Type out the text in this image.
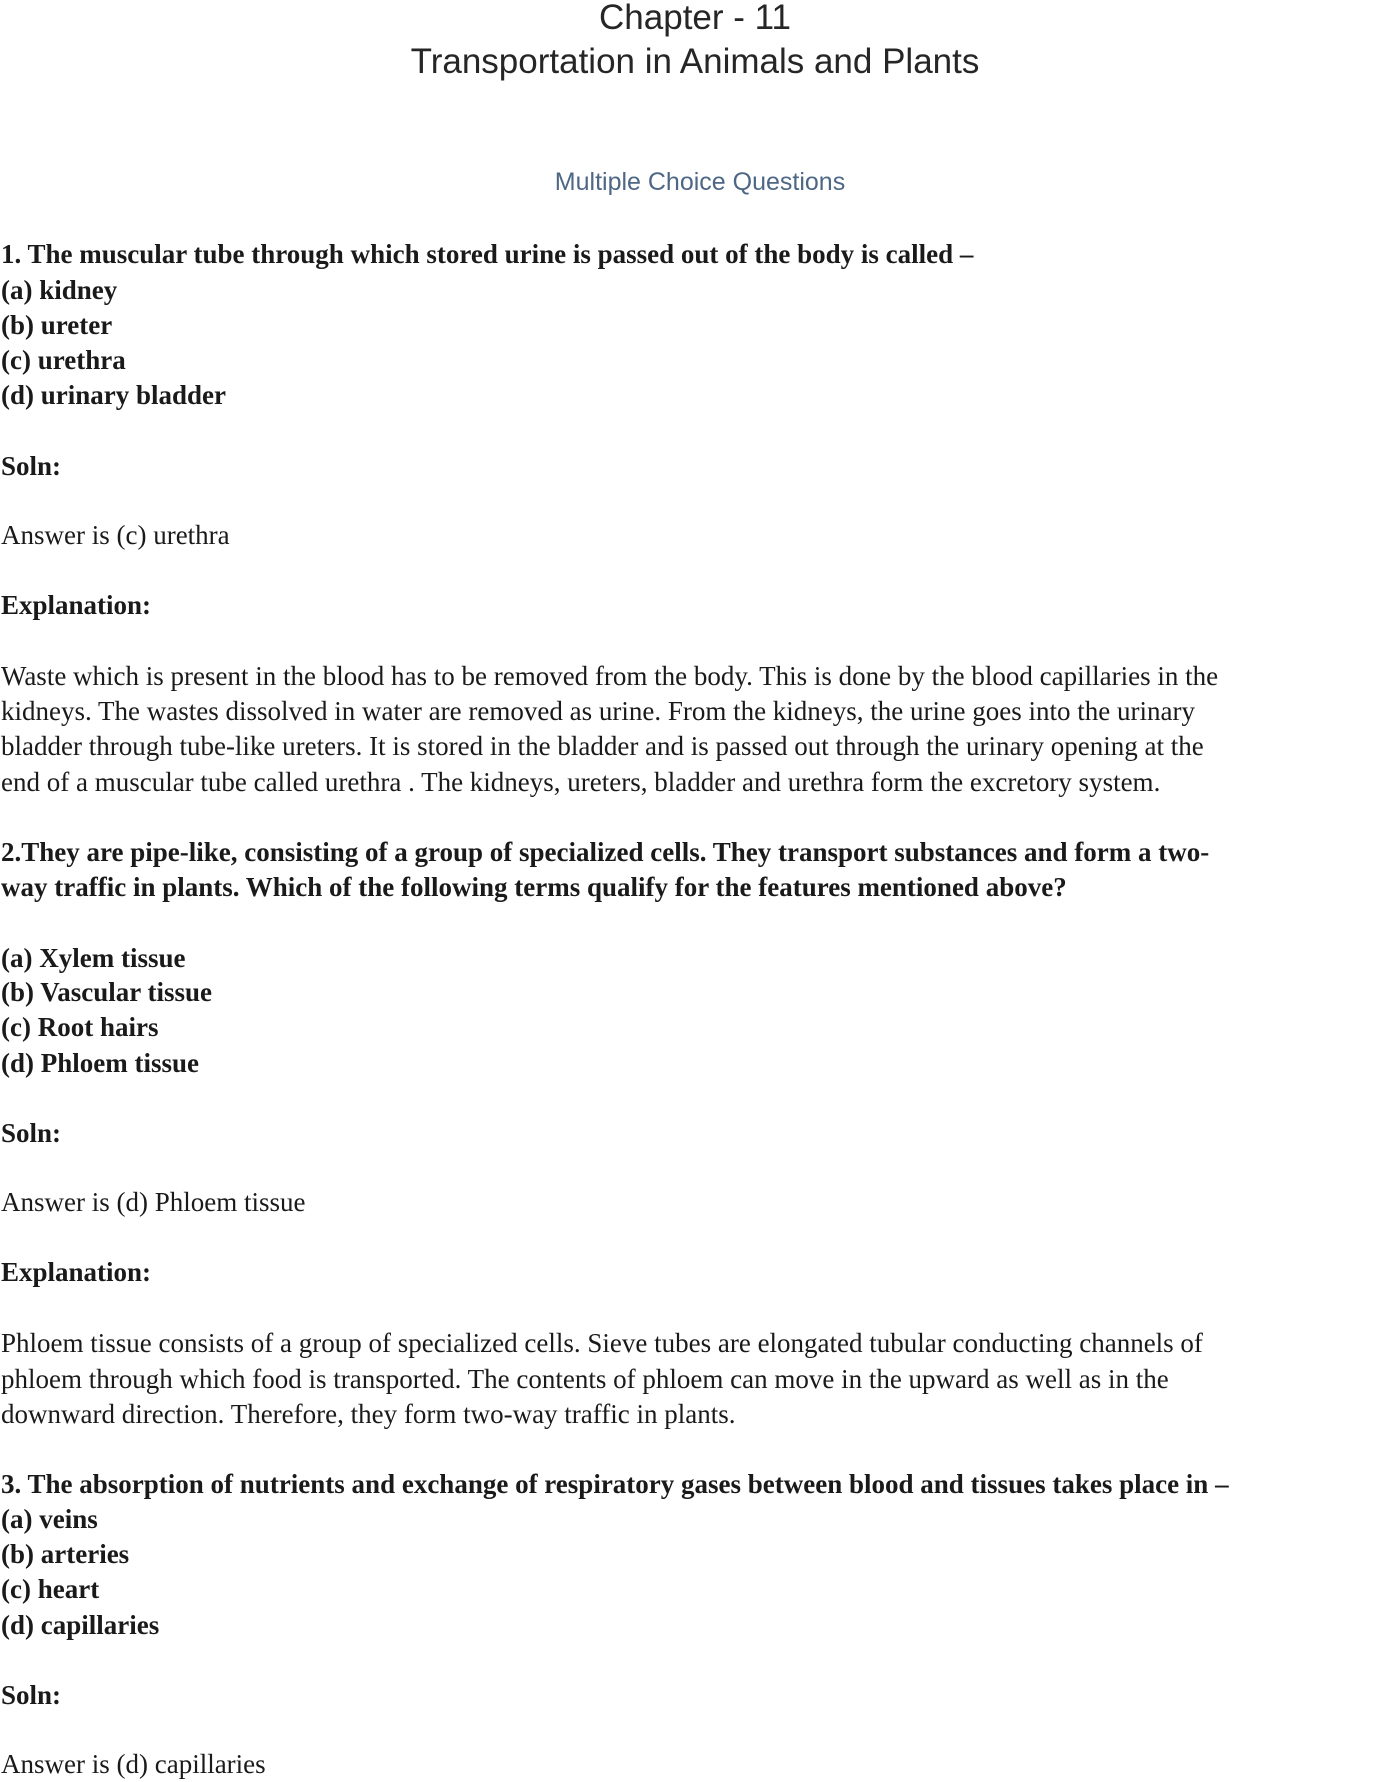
Chapter - 11
Transportation in Animals and Plants
Multiple Choice Questions
1. The muscular tube through which stored urine is passed out of the body is called –
(a) kidney
(b) ureter
(c) urethra
(d) urinary bladder
Soln:
Answer is (c) urethra
Explanation:
Waste which is present in the blood has to be removed from the body. This is done by the blood capillaries in the
kidneys. The wastes dissolved in water are removed as urine. From the kidneys, the urine goes into the urinary
bladder through tube-like ureters. It is stored in the bladder and is passed out through the urinary opening at the
end of a muscular tube called urethra . The kidneys, ureters, bladder and urethra form the excretory system.
2.They are pipe-like, consisting of a group of specialized cells. They transport substances and form a two-
way traffic in plants. Which of the following terms qualify for the features mentioned above?
(a) Xylem tissue
(b) Vascular tissue
(c) Root hairs
(d) Phloem tissue
Soln:
Answer is (d) Phloem tissue
Explanation:
Phloem tissue consists of a group of specialized cells. Sieve tubes are elongated tubular conducting channels of
phloem through which food is transported. The contents of phloem can move in the upward as well as in the
downward direction. Therefore, they form two-way traffic in plants.
3. The absorption of nutrients and exchange of respiratory gases between blood and tissues takes place in –
(a) veins
(b) arteries
(c) heart
(d) capillaries
Soln:
Answer is (d) capillaries
